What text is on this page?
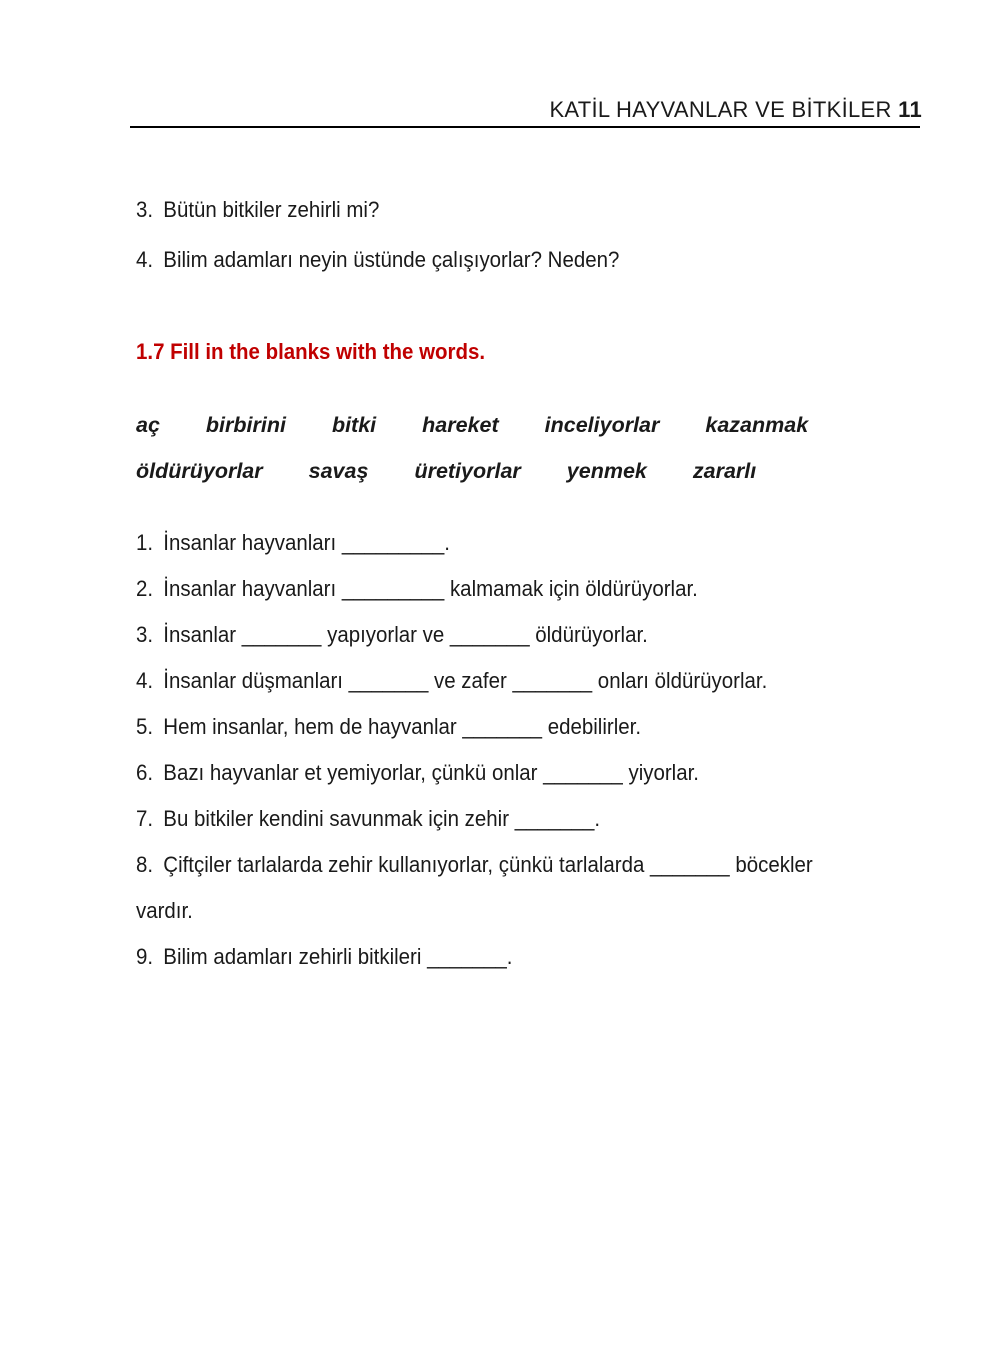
KATİL HAYVANLAR VE BİTKİLER 11

3. Bütün bitkiler zehirli mi?

4. Bilim adamları neyin üstünde çalışıyorlar? Neden?

1.7 Fill in the blanks with the words.
aç birbirini bitki hareket inceliyorlar kazanmak
öldürüyorlar savaş üretiyorlar yenmek zararlı

1. İnsanlar hayvanları _________.

2. İnsanlar hayvanları _________ kalmamak için öldürüyorlar.

3. İnsanlar _______ yapıyorlar ve _______ öldürüyorlar.

4. İnsanlar düşmanları _______ ve zafer _______ onları öldürüyorlar.

5. Hem insanlar, hem de hayvanlar _______ edebilirler.

6. Bazı hayvanlar et yemiyorlar, çünkü onlar _______ yiyorlar.

7. Bu bitkiler kendini savunmak için zehir _______.

8. Çiftçiler tarlalarda zehir kullanıyorlar, çünkü tarlalarda _______ böcekler
vardır.

9. Bilim adamları zehirli bitkileri _______.
